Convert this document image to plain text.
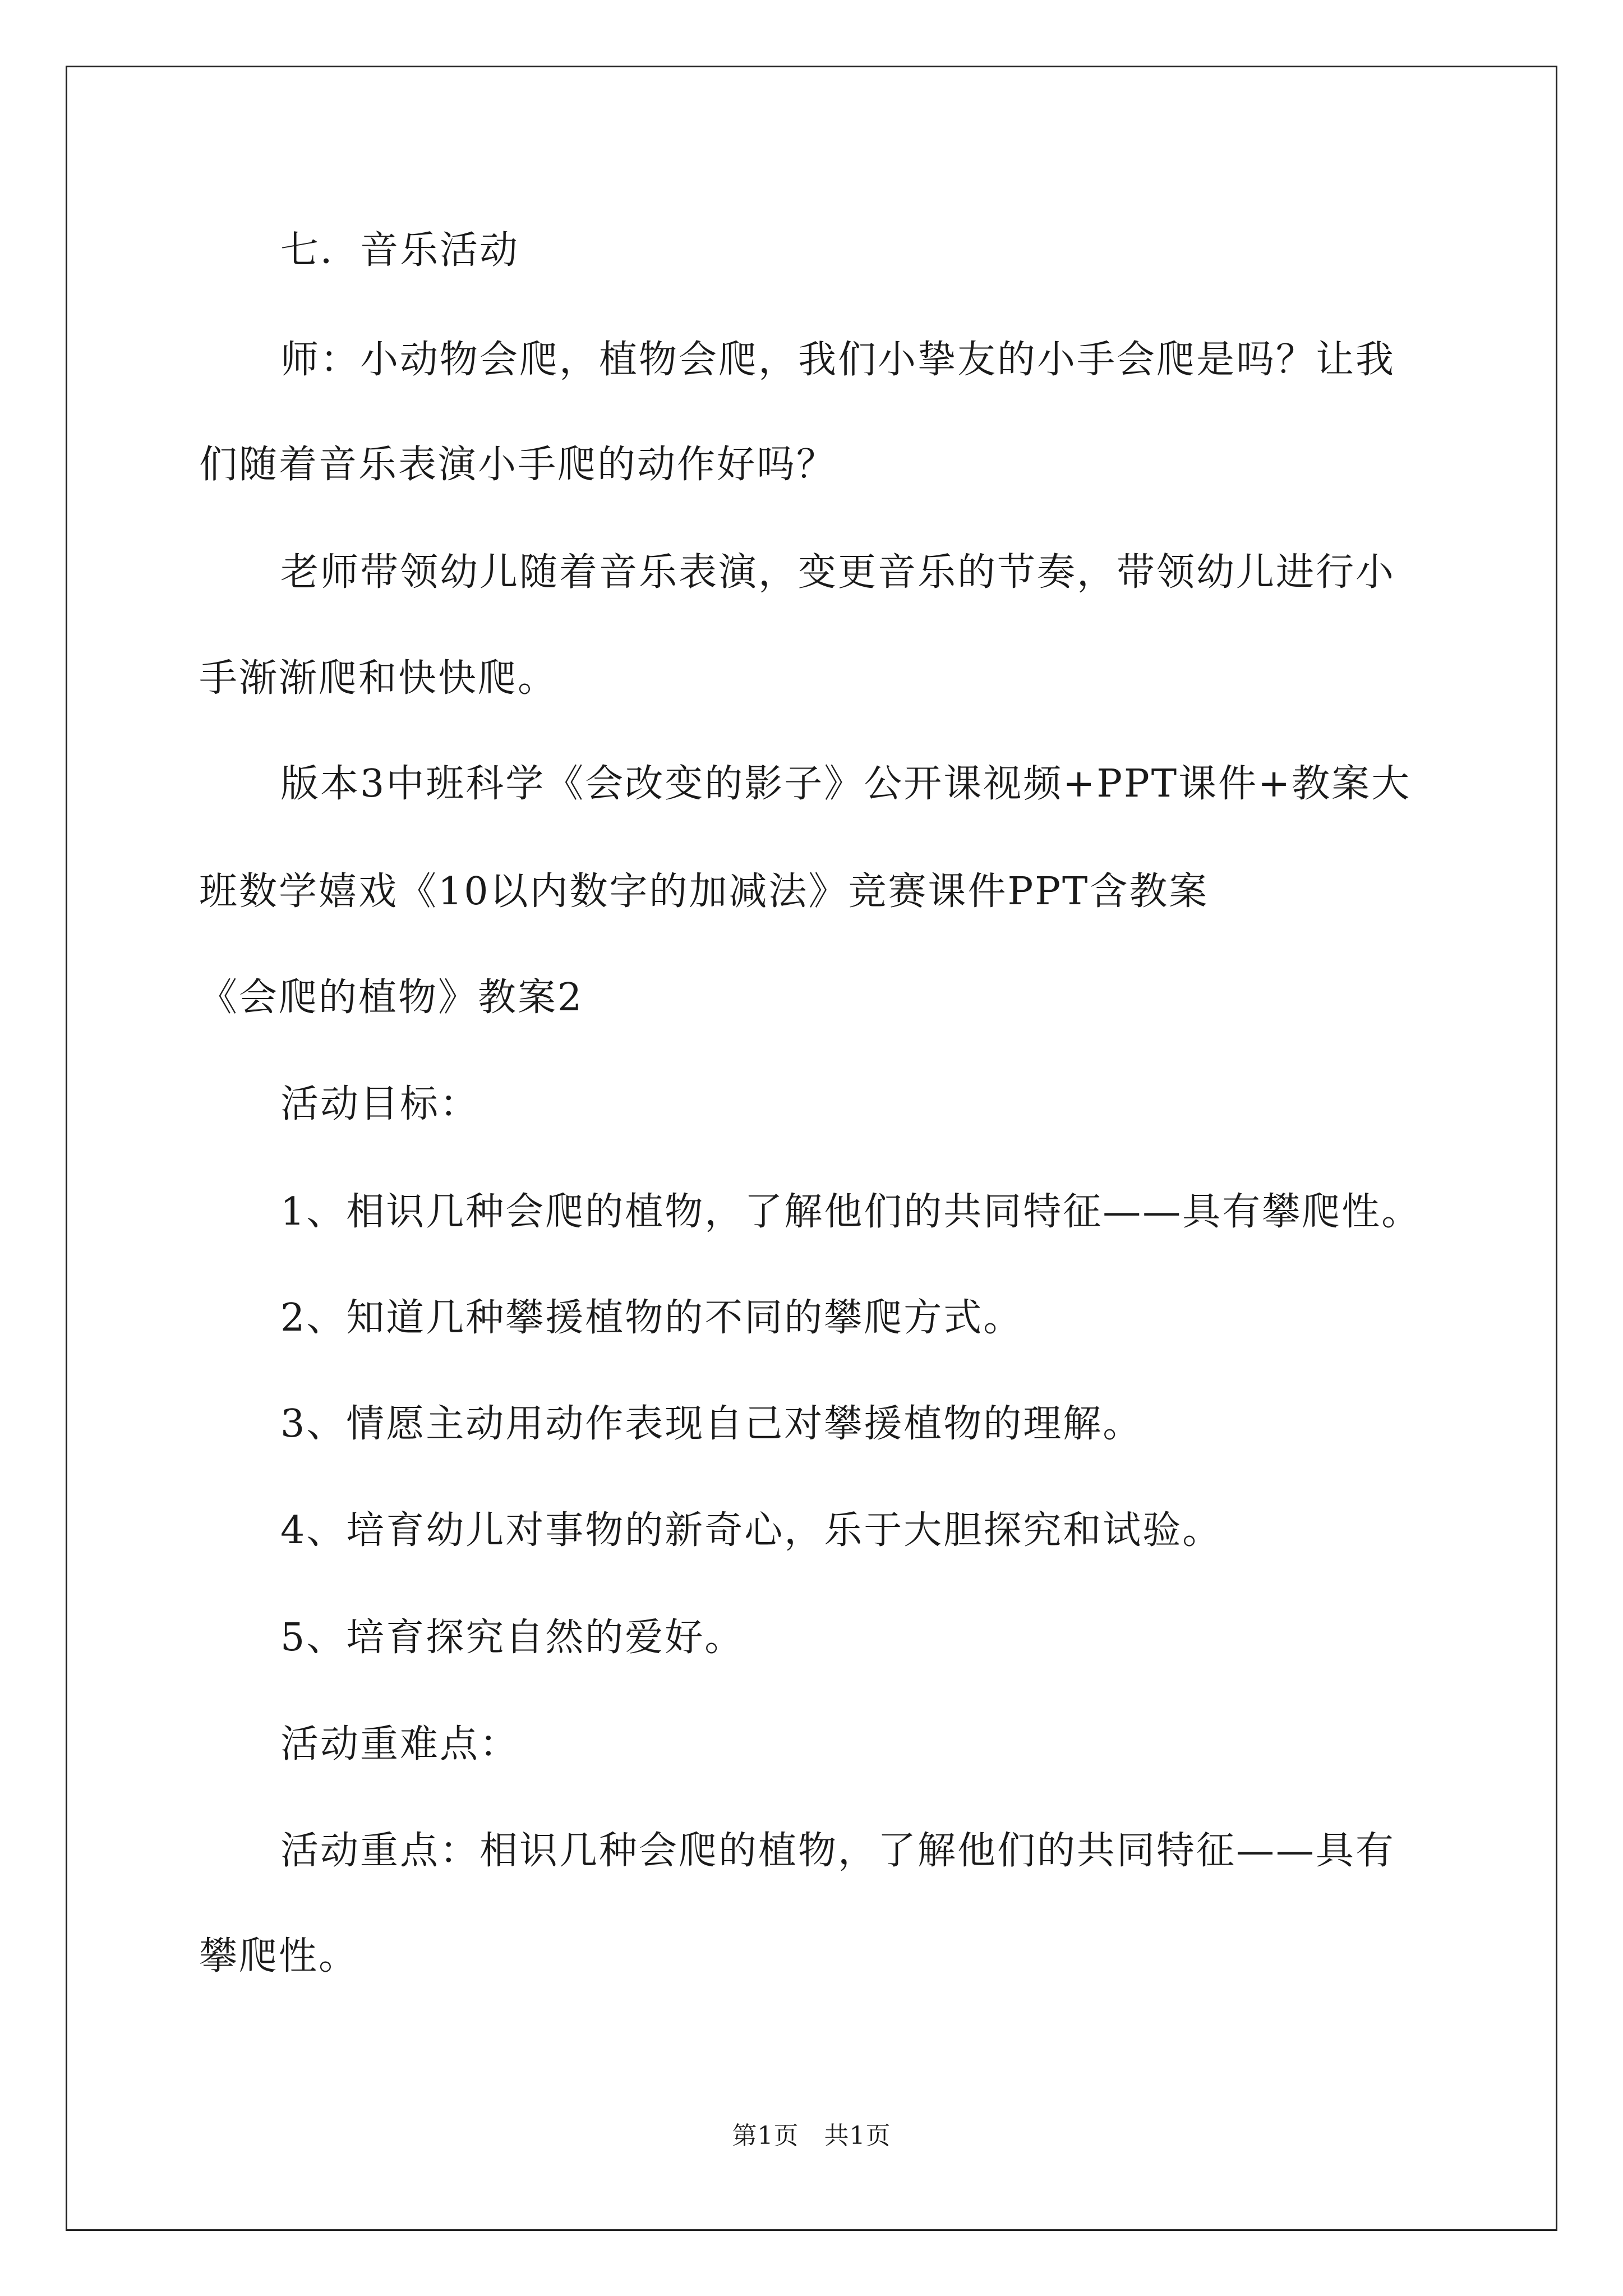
七．音乐活动
师：小动物会爬，植物会爬，我们小挚友的小手会爬是吗？让我
们随着音乐表演小手爬的动作好吗？
老师带领幼儿随着音乐表演，变更音乐的节奏，带领幼儿进行小
手渐渐爬和快快爬。
版本3中班科学《会改变的影子》公开课视频+PPT课件+教案大
班数学嬉戏《10以内数字的加减法》竞赛课件PPT含教案
《会爬的植物》教案2
活动目标：
1、相识几种会爬的植物，了解他们的共同特征——具有攀爬性。
2、知道几种攀援植物的不同的攀爬方式。
3、情愿主动用动作表现自己对攀援植物的理解。
4、培育幼儿对事物的新奇心，乐于大胆探究和试验。
5、培育探究自然的爱好。
活动重难点：
活动重点：相识几种会爬的植物，了解他们的共同特征——具有
攀爬性。
第1页　共1页
